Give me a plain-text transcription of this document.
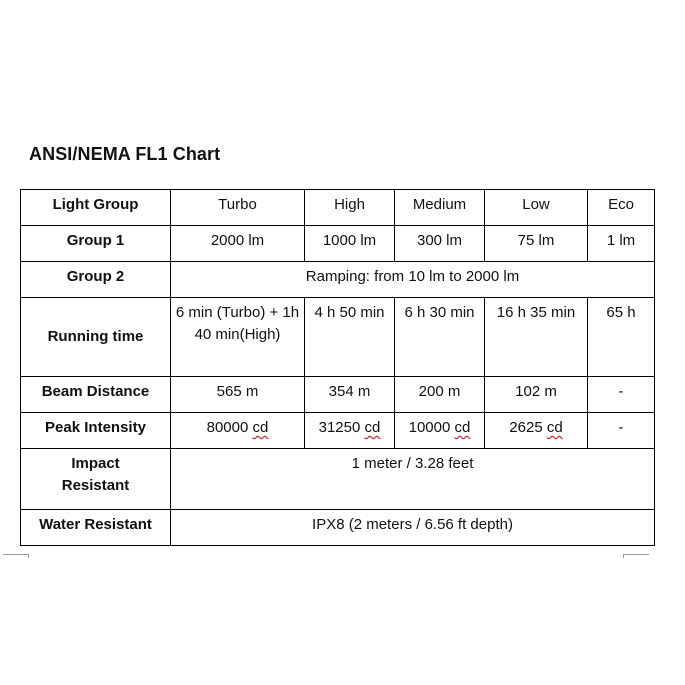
ANSI/NEMA FL1 Chart
Light Group	Turbo	High	Medium	Low	Eco
Group 1	2000 lm	1000 lm	300 lm	75 lm	1 lm
Group 2	Ramping: from 10 lm to 2000 lm				
Running time	6 min (Turbo) + 1h 40 min(High)	4 h 50 min	6 h 30 min	16 h 35 min	65 h
Beam Distance	565 m	354 m	200 m	102 m	-
Peak Intensity	80000 cd	31250 cd	10000 cd	2625 cd	-
Impact Resistant	1 meter / 3.28 feet				
Water Resistant	IPX8 (2 meters / 6.56 ft depth)				
